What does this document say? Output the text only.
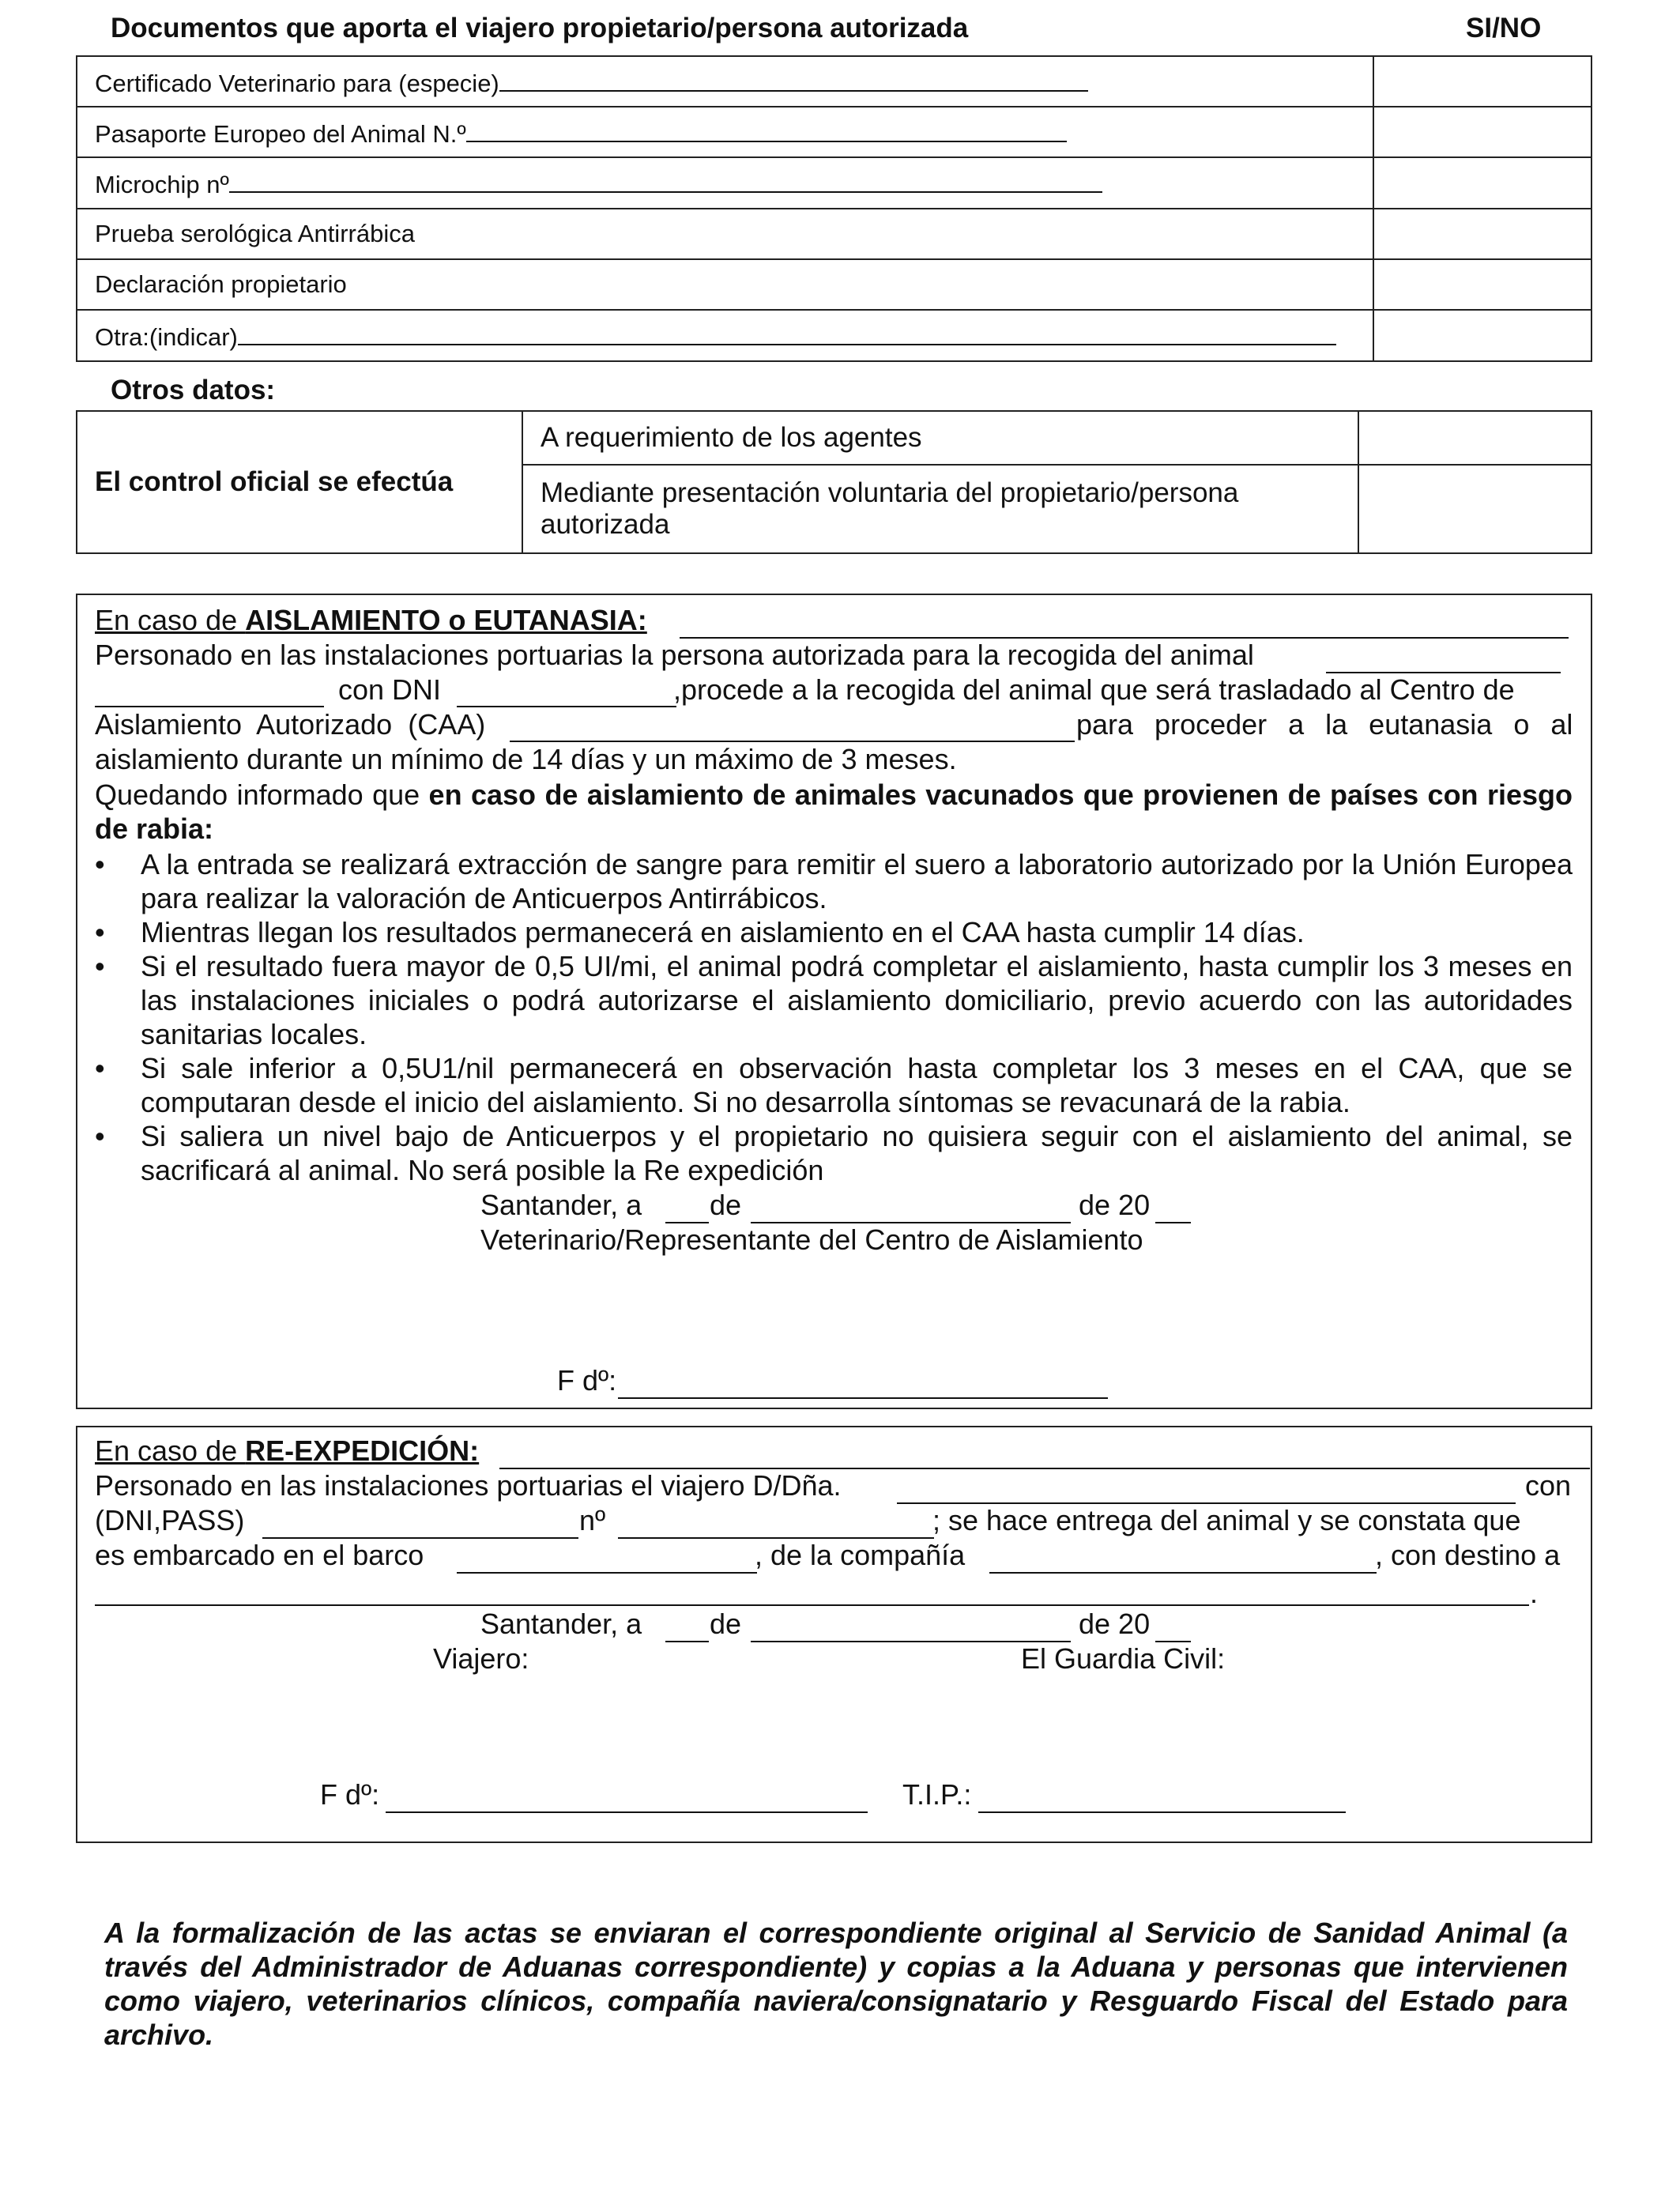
Documentos que aporta el viajero propietario/persona autorizada	SI/NO
Certificado Veterinario para (especie)	
Pasaporte Europeo del Animal N.º	
Microchip nº	
Prueba serológica Antirrábica	
Declaración propietario	
Otra:(indicar)	
Otros datos:
El control oficial se efectúa	A requerimiento de los agentes	
	Mediante presentación voluntaria del propietario/persona autorizada	
En caso de AISLAMIENTO o EUTANASIA:
Personado en las instalaciones portuarias la persona autorizada para la recogida del animal
con DNI	,procede a la recogida del animal que será trasladado al Centro de
Aislamiento Autorizado (CAA)	para proceder a la eutanasia o al
aislamiento durante un mínimo de 14 días y un máximo de 3 meses.
Quedando informado que en caso de aislamiento de animales vacunados que provienen de países con riesgo de rabia:
• A la entrada se realizará extracción de sangre para remitir el suero a laboratorio autorizado por la Unión Europea para realizar la valoración de Anticuerpos Antirrábicos.
• Mientras llegan los resultados permanecerá en aislamiento en el CAA hasta cumplir 14 días.
• Si el resultado fuera mayor de 0,5 UI/mi, el animal podrá completar el aislamiento, hasta cumplir los 3 meses en las instalaciones iniciales o podrá autorizarse el aislamiento domiciliario, previo acuerdo con las autoridades sanitarias locales.
• Si sale inferior a 0,5U1/nil permanecerá en observación hasta completar los 3 meses en el CAA, que se computaran desde el inicio del aislamiento. Si no desarrolla síntomas se revacunará de la rabia.
• Si saliera un nivel bajo de Anticuerpos y el propietario no quisiera seguir con el aislamiento del animal, se sacrificará al animal. No será posible la Re expedición
Santander, a de	de 20
Veterinario/Representante del Centro de Aislamiento
F dº:
En caso de RE-EXPEDICIÓN:
Personado en las instalaciones portuarias el viajero D/Dña.	con
(DNI,PASS)	nº	; se hace entrega del animal y se constata que
es embarcado en el barco	, de la compañía	, con destino a
.
Santander, a de	de 20
Viajero:	El Guardia Civil:
F dº:	T.I.P.:
A la formalización de las actas se enviaran el correspondiente original al Servicio de Sanidad Animal (a través del Administrador de Aduanas correspondiente) y copias a la Aduana y personas que intervienen como viajero, veterinarios clínicos, compañía naviera/consignatario y Resguardo Fiscal del Estado para archivo.
